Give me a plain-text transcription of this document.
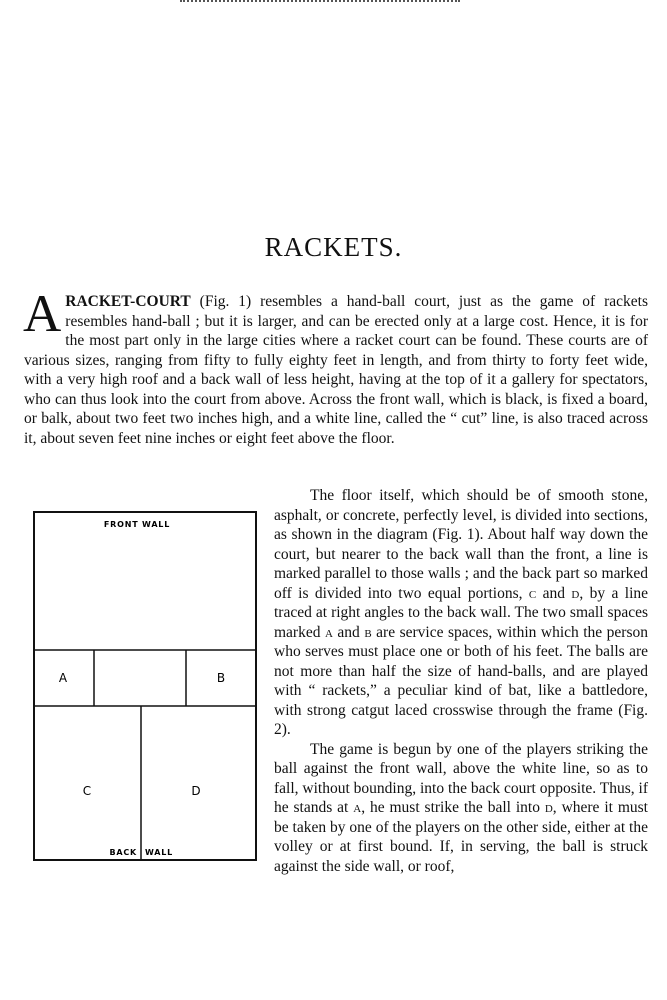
RACKETS.
A RACKET-COURT (Fig. 1) resembles a hand-ball court, just as the game of rackets resembles hand-ball ; but it is larger, and can be erected only at a large cost. Hence, it is for the most part only in the large cities where a racket court can be found. These courts are of various sizes, ranging from fifty to fully eighty feet in length, and from thirty to forty feet wide, with a very high roof and a back wall of less height, having at the top of it a gallery for spectators, who can thus look into the court from above. Across the front wall, which is black, is fixed a board, or balk, about two feet two inches high, and a white line, called the “ cut” line, is also traced across it, about seven feet nine inches or eight feet above the floor.
FRONT WALL
A	B
C	D
BACK WALL
The floor itself, which should be of smooth stone, asphalt, or concrete, perfectly level, is divided into sections, as shown in the diagram (Fig. 1). About half way down the court, but nearer to the back wall than the front, a line is marked parallel to those walls ; and the back part so marked off is divided into two equal portions, c and d, by a line traced at right angles to the back wall. The two small spaces marked a and b are service spaces, within which the person who serves must place one or both of his feet. The balls are not more than half the size of hand-balls, and are played with “ rackets,” a peculiar kind of bat, like a battledore, with strong catgut laced crosswise through the frame (Fig. 2).
The game is begun by one of the players striking the ball against the front wall, above the white line, so as to fall, without bounding, into the back court opposite. Thus, if he stands at a, he must strike the ball into d, where it must be taken by one of the players on the other side, either at the volley or at first bound. If, in serving, the ball is struck against the side wall, or roof,
